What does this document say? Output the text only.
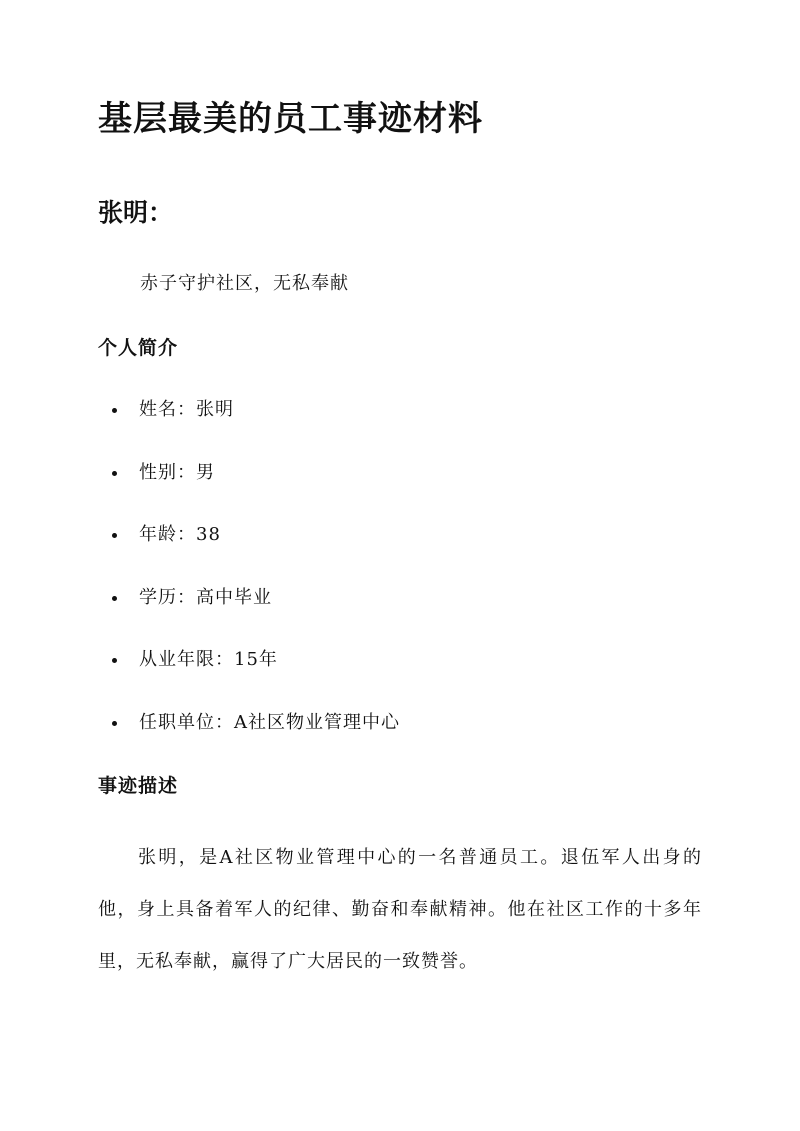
基层最美的员工事迹材料
张明：

赤子守护社区，无私奉献

个人简介
姓名：张明
性别：男
年龄：38
学历：高中毕业
从业年限：15年
任职单位：A社区物业管理中心
事迹描述

张明，是A社区物业管理中心的一名普通员工。退伍军人出身的他，身上具备着军人的纪律、勤奋和奉献精神。他在社区工作的十多年里，无私奉献，赢得了广大居民的一致赞誉。
